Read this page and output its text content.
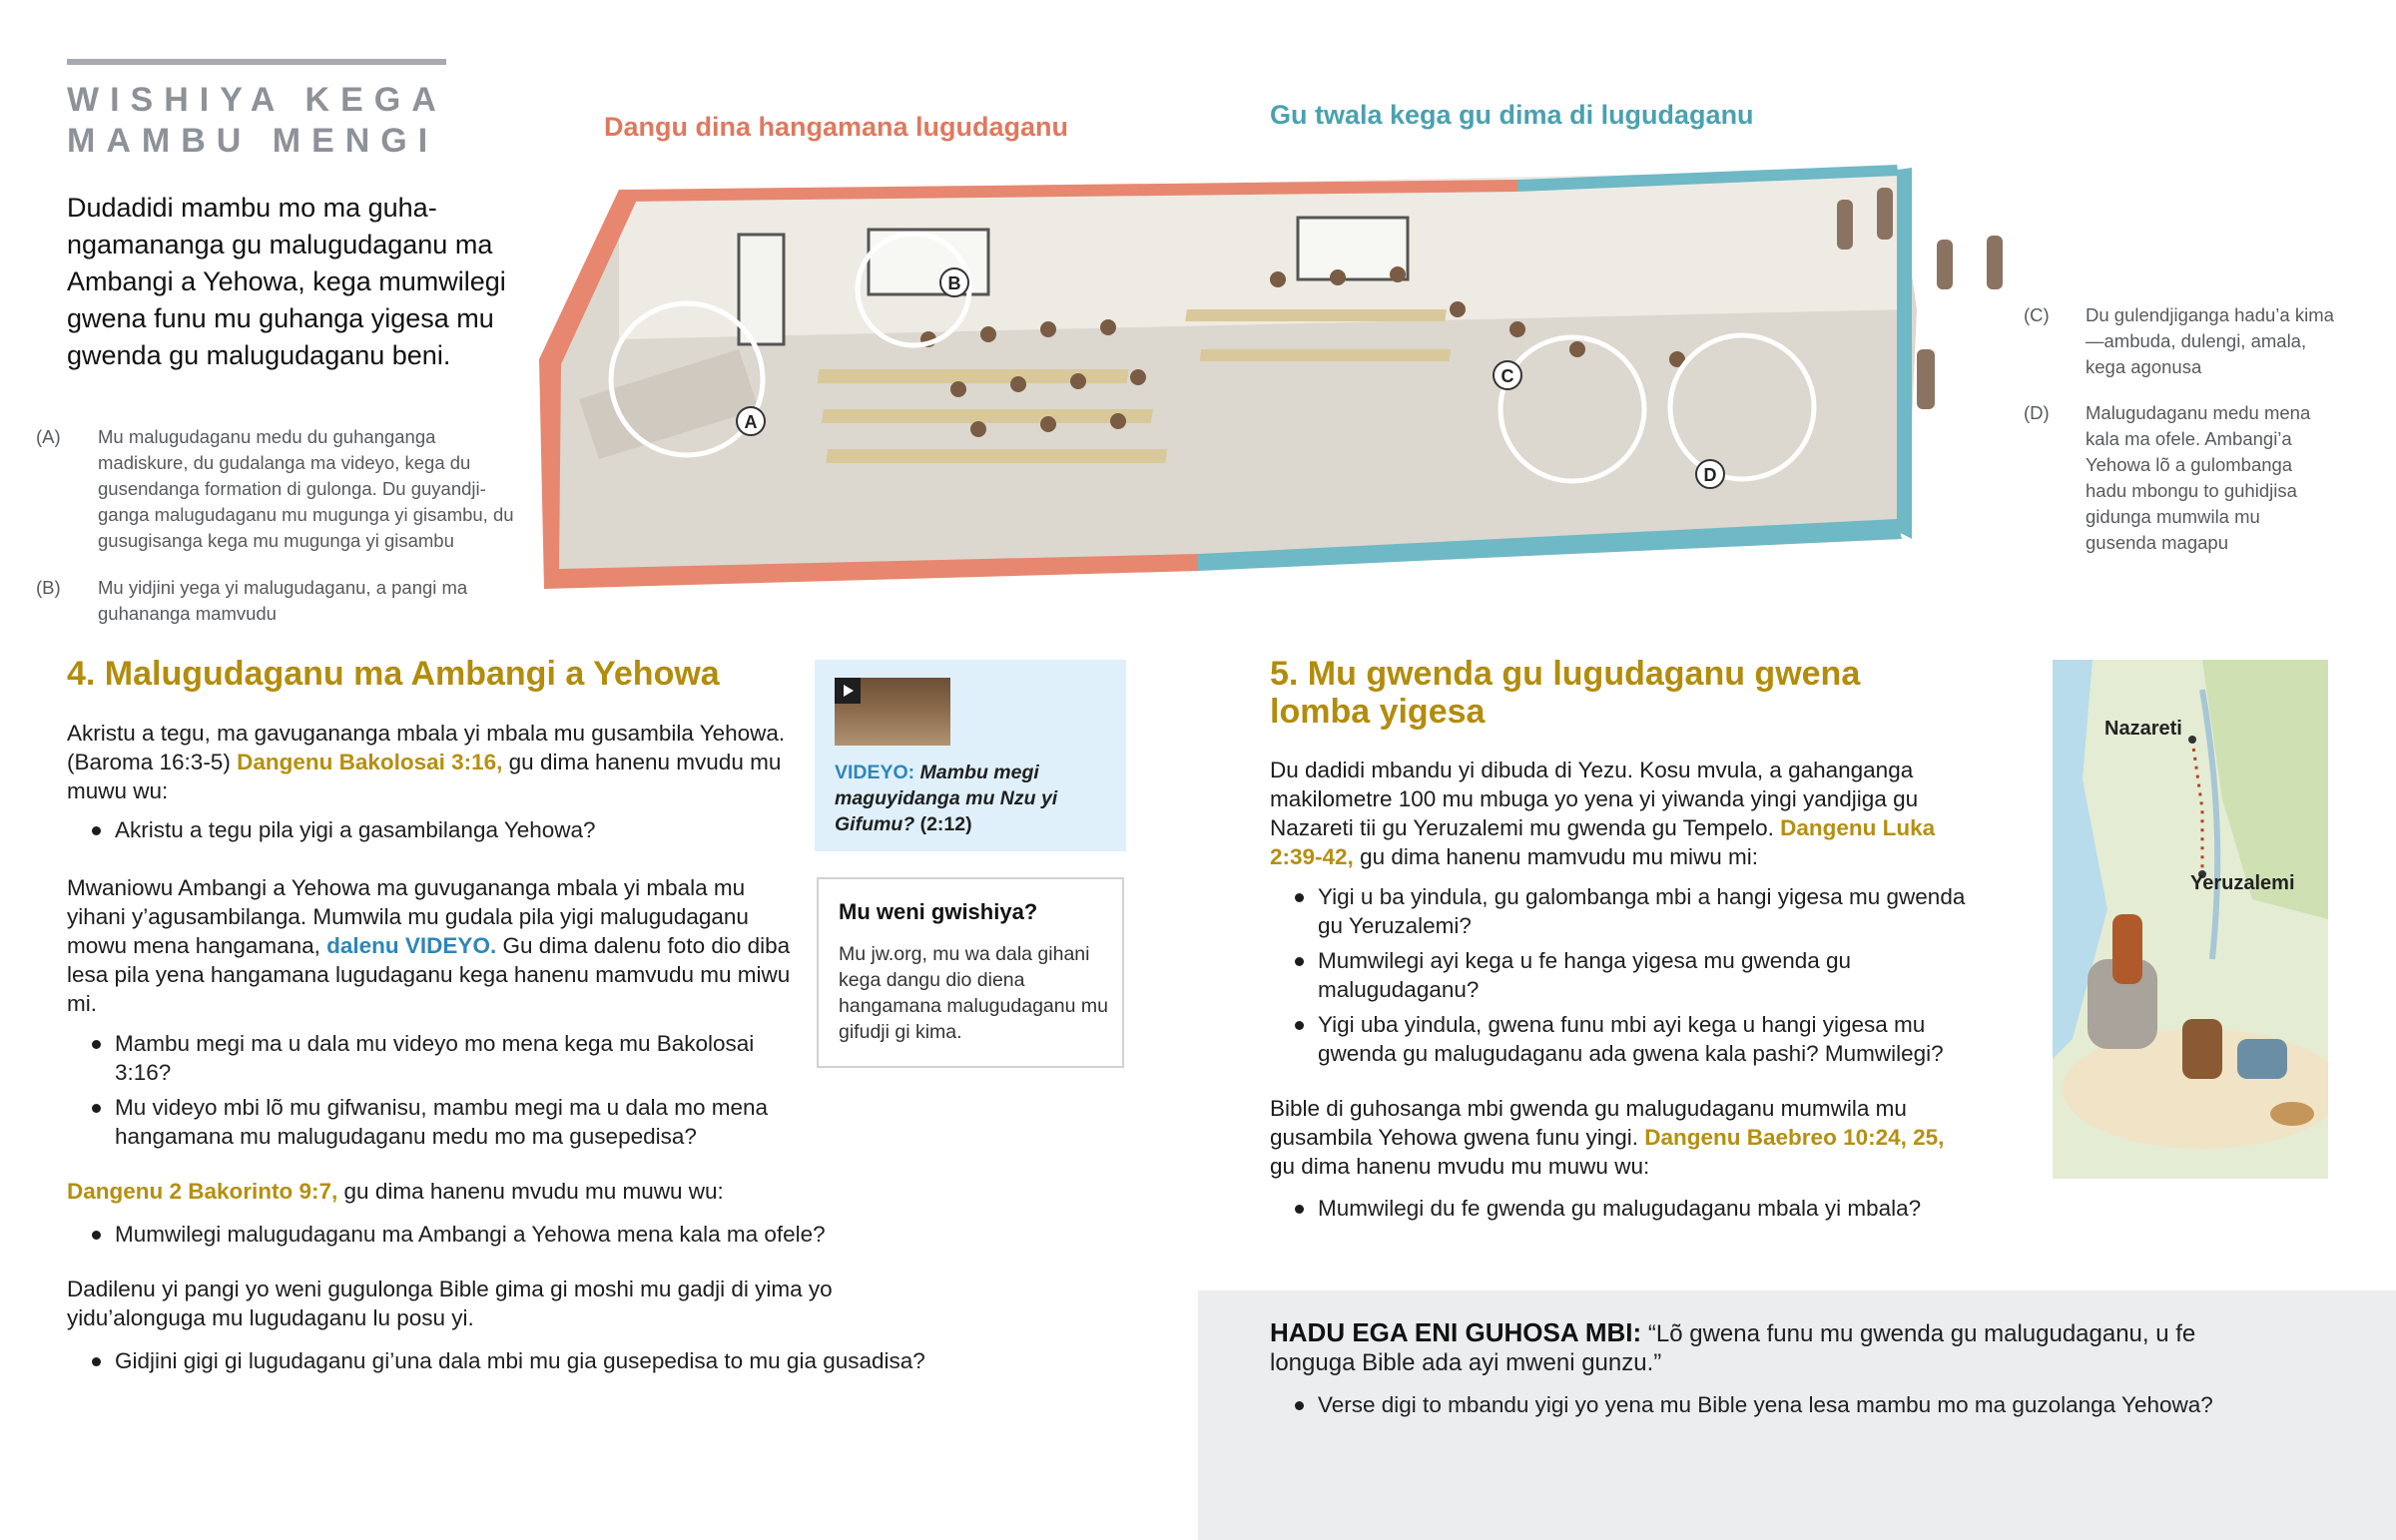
WISHIYA KEGA MAMBU MENGI
Dudadidi mambu mo ma guhangamananga gu malugudaganu ma Ambangi a Yehowa, kega mumwilegi gwena funu mu guhanga yigesa mu gwenda gu malugudaganu beni.
(A) Mu malugudaganu medu du guhanganga madiskure, du gudalanga ma videyo, kega du gusendanga formation di gulonga. Du guyandjiganga malugudaganu mu mugunga yi gisambu, du gusugisanga kega mu mugunga yi gisambu
(B) Mu yidjini yega yi malugudaganu, a pangi ma guhananga mamvudu
(C) Du gulendjiganga hadu’a kima—ambuda, dulengi, amala, kega agonusa
(D) Malugudaganu medu mena kala ma ofele. Ambangi’a Yehowa lõ a gulombanga hadu mbongu to guhidjisa gidunga mumwila mu gusenda magapu
Dangu dina hangamana lugudaganu	Gu twala kega gu dima di lugudaganu
A
B
C
D
4. Malugudaganu ma Ambangi a Yehowa
Akristu a tegu, ma gavugananga mbala yi mbala mu gusambila Yehowa. (Baroma 16:3-5) Dangenu Bakolosai 3:16, gu dima hanenu mvudu mu muwu wu:
Akristu a tegu pila yigi a gasambilanga Yehowa?
Mwaniowu Ambangi a Yehowa ma guvugananga mbala yi mbala mu yihani y’agusambilanga. Mumwila mu gudala pila yigi malugudaganu mowu mena hangamana, dalenu VIDEYO. Gu dima dalenu foto dio diba lesa pila yena hangamana lugudaganu kega hanenu mamvudu mu miwu mi.
Mambu megi ma u dala mu videyo mo mena kega mu Bakolosai 3:16?
Mu videyo mbi lõ mu gifwanisu, mambu megi ma u dala mo mena hangamana mu malugudaganu medu mo ma gusepedisa?
Dangenu 2 Bakorinto 9:7, gu dima hanenu mvudu mu muwu wu:
Mumwilegi malugudaganu ma Ambangi a Yehowa mena kala ma ofele?
Dadilenu yi pangi yo weni gugulonga Bible gima gi moshi mu gadji di yima yo yidu’alonguga mu lugudaganu lu posu yi.
Gidjini gigi gi lugudaganu gi’una dala mbi mu gia gusepedisa to mu gia gusadisa?
VIDEYO: Mambu megi maguyidanga mu Nzu yi Gifumu? (2:12)
Mu weni gwishiya?
Mu jw.org, mu wa dala gihani kega dangu dio diena hangamana malugudaganu mu gifudji gi kima.
5. Mu gwenda gu lugudaganu gwena lomba yigesa
Du dadidi mbandu yi dibuda di Yezu. Kosu mvula, a gahanganga makilometre 100 mu mbuga yo yena yi yiwanda yingi yandjiga gu Nazareti tii gu Yeruzalemi mu gwenda gu Tempelo. Dangenu Luka 2:39-42, gu dima hanenu mamvudu mu miwu mi:
Yigi u ba yindula, gu galombanga mbi a hangi yigesa mu gwenda gu Yeruzalemi?
Mumwilegi ayi kega u fe hanga yigesa mu gwenda gu malugudaganu?
Yigi uba yindula, gwena funu mbi ayi kega u hangi yigesa mu gwenda gu malugudaganu ada gwena kala pashi? Mumwilegi?
Bible di guhosanga mbi gwenda gu malugudaganu mumwila mu gusambila Yehowa gwena funu yingi. Dangenu Baebreo 10:24, 25, gu dima hanenu mvudu mu muwu wu:
Mumwilegi du fe gwenda gu malugudaganu mbala yi mbala?
Nazareti
Yeruzalemi
HADU EGA ENI GUHOSA MBI: “Lõ gwena funu mu gwenda gu malugudaganu, u fe longuga Bible ada ayi mweni gunzu.”
Verse digi to mbandu yigi yo yena mu Bible yena lesa mambu mo ma guzolanga Yehowa?
